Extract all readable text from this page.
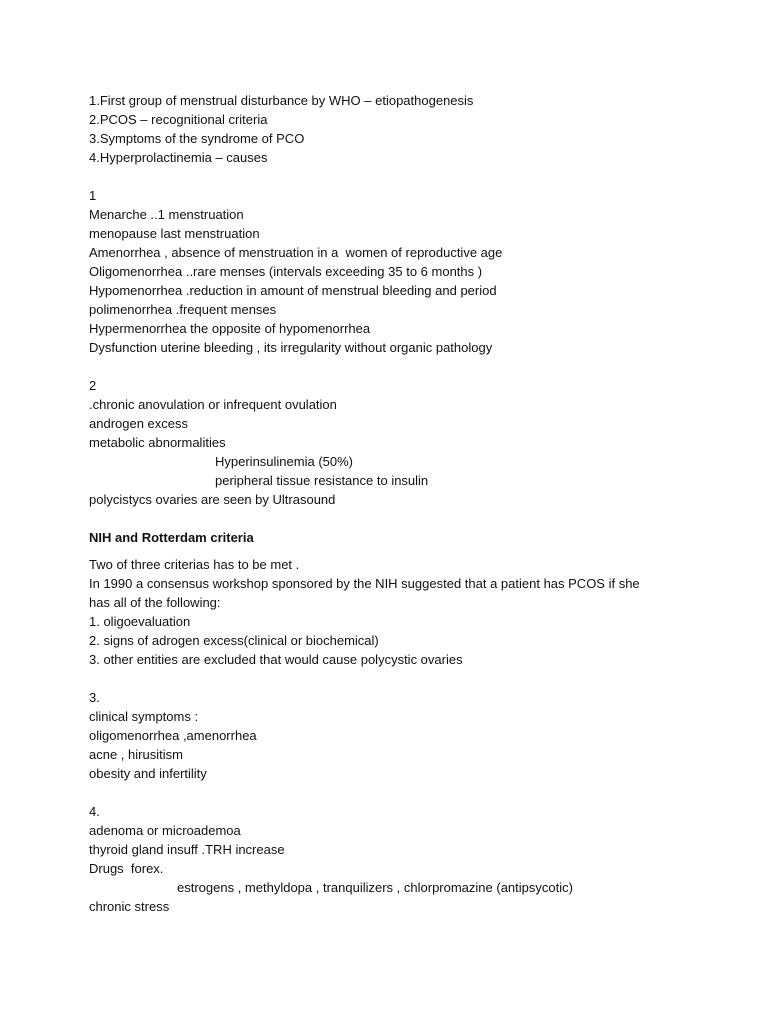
1.First group of menstrual disturbance by WHO – etiopathogenesis
2.PCOS – recognitional criteria
3.Symptoms of the syndrome of PCO
4.Hyperprolactinemia – causes
1
Menarche ..1 menstruation
menopause last menstruation
Amenorrhea , absence of menstruation in a  women of reproductive age
Oligomenorrhea ..rare menses (intervals exceeding 35 to 6 months )
Hypomenorrhea .reduction in amount of menstrual bleeding and period
polimenorrhea .frequent menses
Hypermenorrhea the opposite of hypomenorrhea
Dysfunction uterine bleeding , its irregularity without organic pathology
2
.chronic anovulation or infrequent ovulation
androgen excess
metabolic abnormalities
Hyperinsulinemia (50%)
peripheral tissue resistance to insulin
polycistycs ovaries are seen by Ultrasound
NIH and Rotterdam criteria
Two of three criterias has to be met .
In 1990 a consensus workshop sponsored by the NIH suggested that a patient has PCOS if she
has all of the following:
1. oligoevaluation
2. signs of adrogen excess(clinical or biochemical)
3. other entities are excluded that would cause polycystic ovaries
3.
clinical symptoms :
oligomenorrhea ,amenorrhea
acne , hirusitism
obesity and infertility
4.
adenoma or microademoa
thyroid gland insuff .TRH increase
Drugs  forex.
estrogens , methyldopa , tranquilizers , chlorpromazine (antipsycotic)
chronic stress
